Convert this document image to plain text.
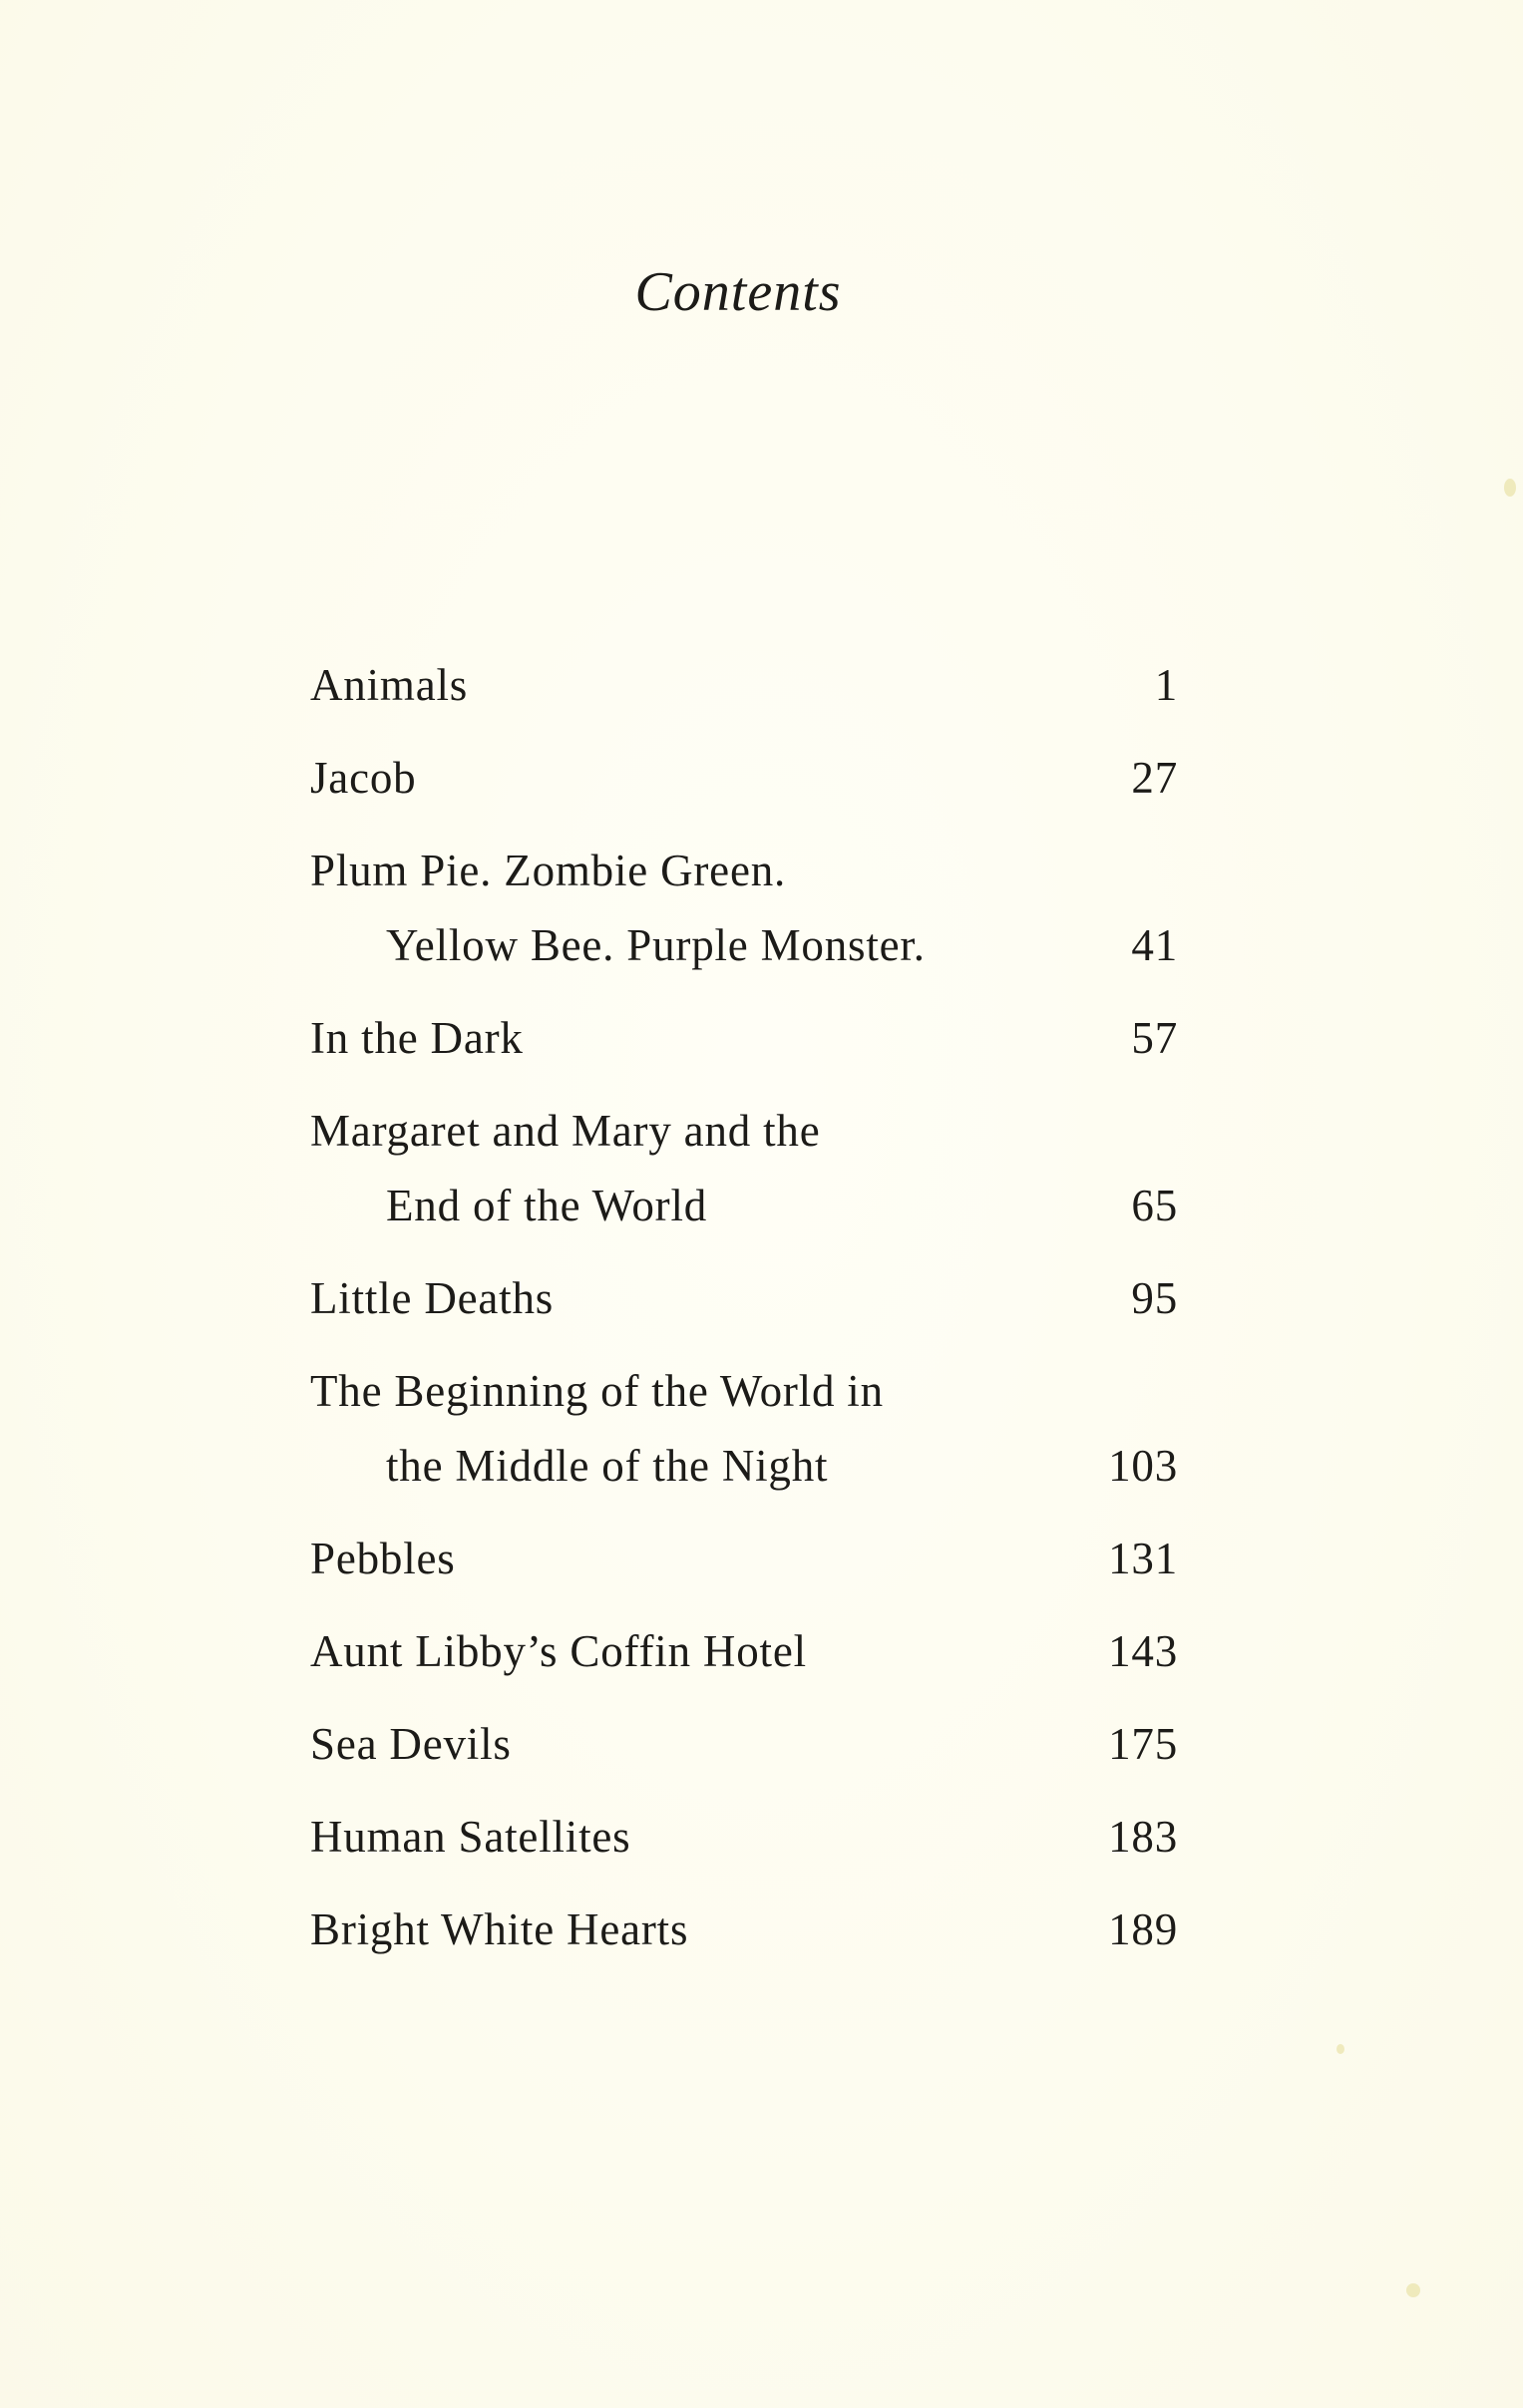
Contents
Animals	1
Jacob	27
Plum Pie. Zombie Green.
Yellow Bee. Purple Monster.	41
In the Dark	57
Margaret and Mary and the
End of the World	65
Little Deaths	95
The Beginning of the World in
the Middle of the Night	103
Pebbles	131
Aunt Libby’s Coffin Hotel	143
Sea Devils	175
Human Satellites	183
Bright White Hearts	189
